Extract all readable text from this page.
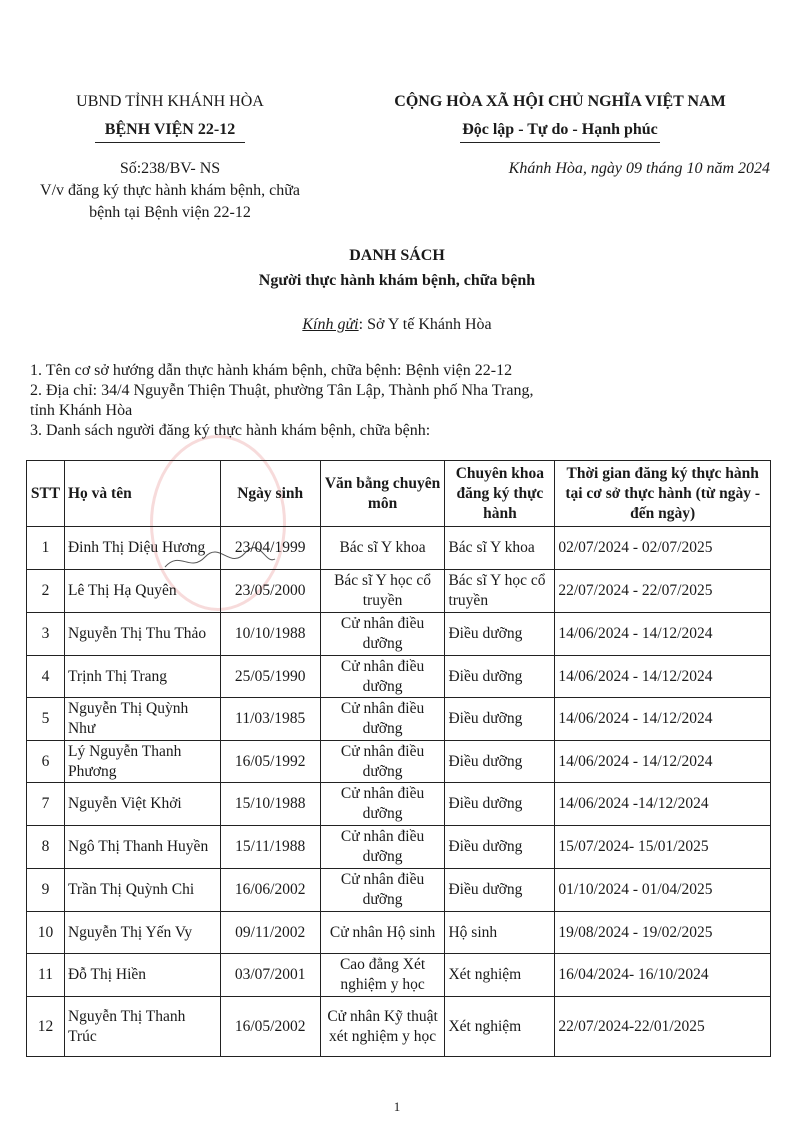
UBND TỈNH KHÁNH HÒA
BỆNH VIỆN 22-12
Số:238/BV- NS
V/v đăng ký thực hành khám bệnh, chữa
bệnh tại Bệnh viện 22-12
CỘNG HÒA XÃ HỘI CHỦ NGHĨA VIỆT NAM
Độc lập - Tự do - Hạnh phúc
Khánh Hòa, ngày 09 tháng 10 năm 2024
DANH SÁCH
Người thực hành khám bệnh, chữa bệnh
Kính gửi: Sở Y tế Khánh Hòa
1. Tên cơ sở hướng dẫn thực hành khám bệnh, chữa bệnh: Bệnh viện 22-12
2. Địa chỉ: 34/4 Nguyễn Thiện Thuật, phường Tân Lập, Thành phố Nha Trang,
tỉnh Khánh Hòa
3. Danh sách người đăng ký thực hành khám bệnh, chữa bệnh:
STT	Họ và tên	Ngày sinh	Văn bằng chuyên môn	Chuyên khoa đăng ký thực hành	Thời gian đăng ký thực hành tại cơ sở thực hành (từ ngày - đến ngày)
1	Đinh Thị Diệu Hương	23/04/1999	Bác sĩ Y khoa	Bác sĩ Y khoa	02/07/2024 - 02/07/2025
2	Lê Thị Hạ Quyên	23/05/2000	Bác sĩ Y học cổ truyền	Bác sĩ Y học cổ truyền	22/07/2024 - 22/07/2025
3	Nguyễn Thị Thu Thảo	10/10/1988	Cử nhân điều dưỡng	Điều dưỡng	14/06/2024 - 14/12/2024
4	Trịnh Thị Trang	25/05/1990	Cử nhân điều dưỡng	Điều dưỡng	14/06/2024 - 14/12/2024
5	Nguyễn Thị Quỳnh Như	11/03/1985	Cử nhân điều dưỡng	Điều dưỡng	14/06/2024 - 14/12/2024
6	Lý Nguyễn Thanh Phương	16/05/1992	Cử nhân điều dưỡng	Điều dưỡng	14/06/2024 - 14/12/2024
7	Nguyễn Việt Khởi	15/10/1988	Cử nhân điều dưỡng	Điều dưỡng	14/06/2024 -14/12/2024
8	Ngô Thị Thanh Huyền	15/11/1988	Cử nhân điều dưỡng	Điều dưỡng	15/07/2024- 15/01/2025
9	Trần Thị Quỳnh Chi	16/06/2002	Cử nhân điều dưỡng	Điều dưỡng	01/10/2024 - 01/04/2025
10	Nguyễn Thị Yến Vy	09/11/2002	Cử nhân Hộ sinh	Hộ sinh	19/08/2024 - 19/02/2025
11	Đỗ Thị Hiền	03/07/2001	Cao đẳng Xét nghiệm y học	Xét nghiệm	16/04/2024- 16/10/2024
12	Nguyễn Thị Thanh Trúc	16/05/2002	Cử nhân Kỹ thuật xét nghiệm y học	Xét nghiệm	22/07/2024-22/01/2025
1
